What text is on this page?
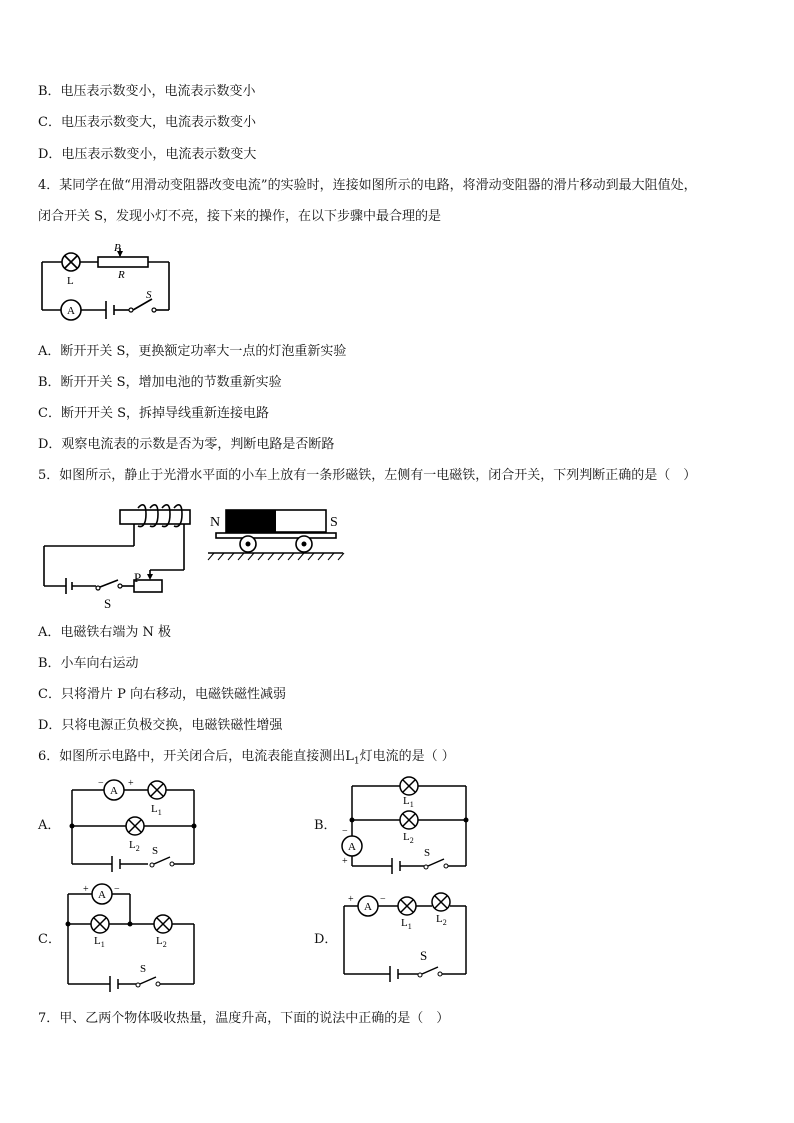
B．电压表示数变小，电流表示数变小
C．电压表示数变大，电流表示数变小
D．电压表示数变小，电流表示数变大
4．某同学在做“用滑动变阻器改变电流”的实验时，连接如图所示的电路，将滑动变阻器的滑片移动到最大阻值处，
闭合开关 S，发现小灯不亮，接下来的操作，在以下步骤中最合理的是
P
R
L
A
S
A．断开开关 S，更换额定功率大一点的灯泡重新实验
B．断开开关 S，增加电池的节数重新实验
C．断开开关 S，拆掉导线重新连接电路
D．观察电流表的示数是否为零，判断电路是否断路
5．如图所示，静止于光滑水平面的小车上放有一条形磁铁，左侧有一电磁铁，闭合开关，下列判断正确的是（　）
N	S
P
S
A．电磁铁右端为 N 极
B．小车向右运动
C．只将滑片 P 向右移动，电磁铁磁性减弱
D．只将电源正负极交换，电磁铁磁性增强
6．如图所示电路中，开关闭合后，电流表能直接测出$L_1$灯电流的是（ ）
A．
− +
A
$L_1$
$L_2$ S
B． −
+
A
$L_1$
$L_2$
S
C．
+	−
A
$L_1$	$L_2$
S
D．
+	−
A
$L_1$
$L_2$
S
7．甲、乙两个物体吸收热量，温度升高，下面的说法中正确的是（　）
